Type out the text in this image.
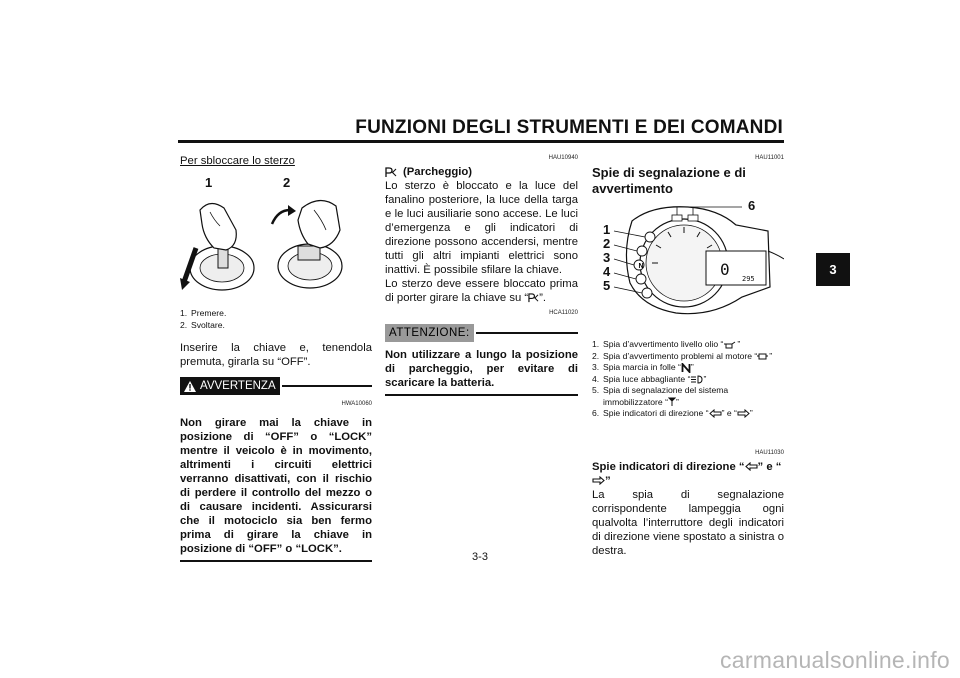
FUNZIONI DEGLI STRUMENTI E DEI COMANDI
3
Per sbloccare lo sterzo
1	2
1. Premere.
2. Svoltare.
Inserire la chiave e, tenendola premuta, girarla su “OFF”.
AVVERTENZA
HWA10060
Non girare mai la chiave in posizione di “OFF” o “LOCK” mentre il veicolo è in movimento, altrimenti i circuiti elettrici verranno disattivati, con il rischio di perdere il controllo del mezzo o di causare incidenti. Assicurarsi che il motociclo sia ben fermo prima di girare la chiave in posizione di “OFF” o “LOCK”.
HAU10940
(Parcheggio)
Lo sterzo è bloccato e la luce del fanalino posteriore, la luce della targa e le luci ausiliarie sono accese. Le luci d’emergenza e gli indicatori di direzione possono accendersi, mentre tutti gli altri impianti elettrici sono inattivi. È possibile sfilare la chiave.
Lo sterzo deve essere bloccato prima di porter girare la chiave su “ ”.
HCA11020
ATTENZIONE:
Non utilizzare a lungo la posizione di parcheggio, per evitare di scaricare la batteria.
HAU11001
Spie di segnalazione e di avvertimento
0 295
N
1
2
3
4
5
6
1. Spia d’avvertimento livello olio “ ”
2. Spia d’avvertimento problemi al motore “ ”
3. Spia marcia in folle “ ”
4. Spia luce abbagliante “ ”
5. Spia di segnalazione del sistema immobilizzatore “ ”
6. Spie indicatori di direzione “ ” e “ ”
HAU11030
Spie indicatori di direzione “ ” e “”
La spia di segnalazione corrispondente lampeggia ogni qualvolta l’interruttore degli indicatori di direzione viene spostato a sinistra o destra.
3-3
carmanualsonline.info
